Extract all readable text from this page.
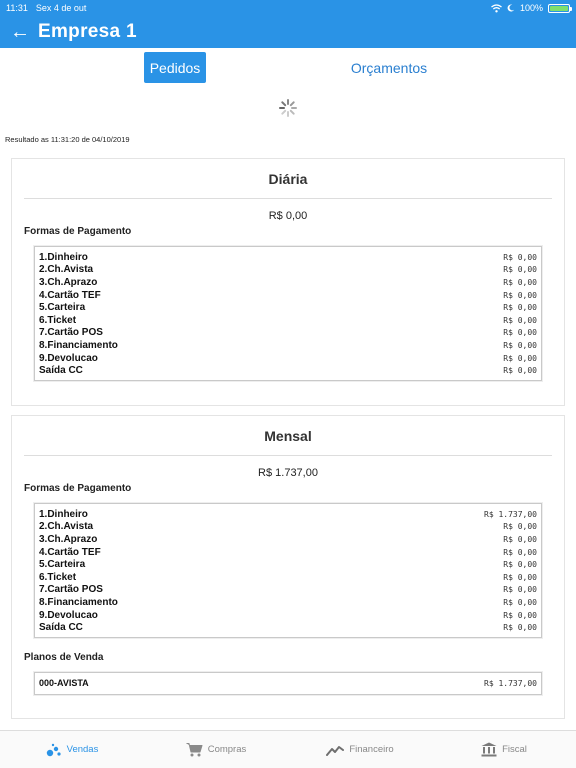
11:31 Sex 4 de out	100%
← Empresa 1
Pedidos	Orçamentos
Resultado as 11:31:20 de 04/10/2019
Diária
R$ 0,00
Formas de Pagamento
1.Dinheiro	R$ 0,00
2.Ch.Avista	R$ 0,00
3.Ch.Aprazo	R$ 0,00
4.Cartão TEF	R$ 0,00
5.Carteira	R$ 0,00
6.Ticket	R$ 0,00
7.Cartão POS	R$ 0,00
8.Financiamento	R$ 0,00
9.Devolucao	R$ 0,00
Saída CC	R$ 0,00
Mensal
R$ 1.737,00
Formas de Pagamento
1.Dinheiro	R$ 1.737,00
2.Ch.Avista	R$ 0,00
3.Ch.Aprazo	R$ 0,00
4.Cartão TEF	R$ 0,00
5.Carteira	R$ 0,00
6.Ticket	R$ 0,00
7.Cartão POS	R$ 0,00
8.Financiamento	R$ 0,00
9.Devolucao	R$ 0,00
Saída CC	R$ 0,00
Planos de Venda
000-AVISTA	R$ 1.737,00
Vendas	Compras	Financeiro	Fiscal
